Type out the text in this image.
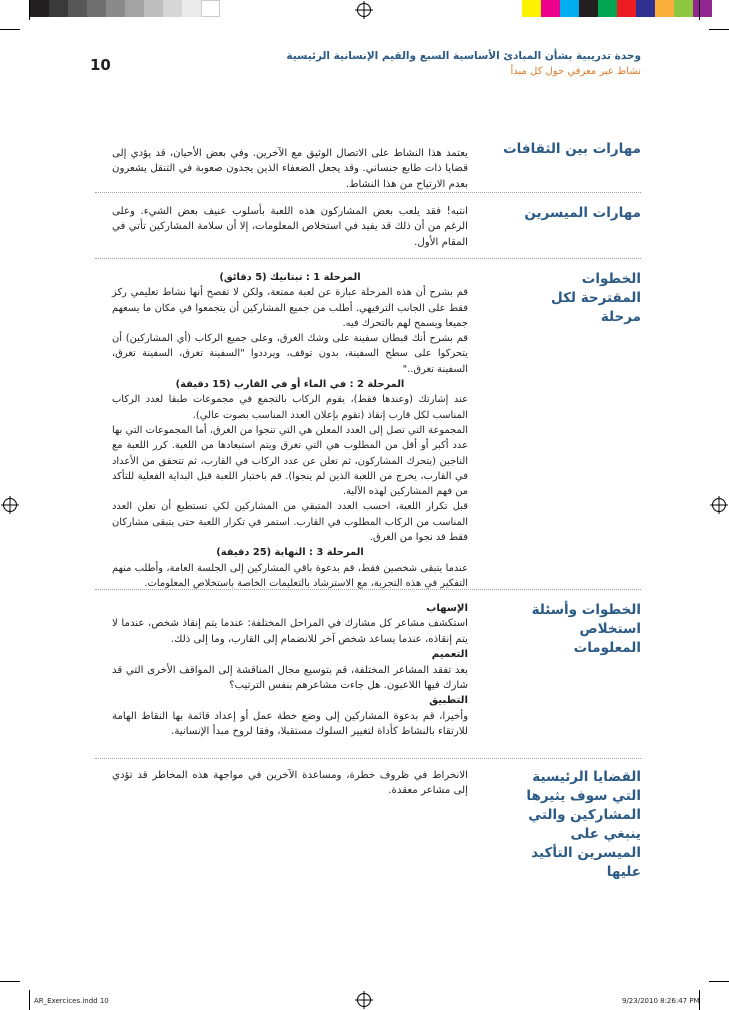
10	وحدة تدريبية بشأن المبادئ الأساسية السبع والقيم الإنسانية الرئيسية
نشاط عبر معرفي حول كل مبدأ
مهارات بين الثقافات

يعتمد هذا النشاط على الاتصال الوثيق مع الآخرين. وفي بعض الأحيان، قد يؤدي إلى قضايا ذات طابع جنساني. وقد يجعل الضعفاء الذين يجدون صعوبة في التنقل يشعرون بعدم الارتياح من هذا النشاط.

مهارات الميسرين

انتبه! فقد يلعب بعض المشاركون هذه اللعبة بأسلوب عنيف بعض الشيء. وعلى الرغم من أن ذلك قد يفيد في استخلاص المعلومات، إلا أن سلامة المشاركين تأتي في المقام الأول.

الخطوات المقترحة لكل مرحلة

المرحلة 1 : تبتانيك (5 دقائق)

قم بشرح أن هذه المرحلة عبارة عن لعبة ممتعة، ولكن لا تفصح أنها نشاط تعليمي ركز فقط على الجانب الترفيهي. أطلب من جميع المشاركين أن يتجمعوا في مكان ما يسعهم جميعا ويسمح لهم بالتحرك فيه.

قم بشرح أنك قبطان سفينة على وشك الغرق، وعلى جميع الركاب (أي المشاركين) أن يتحركوا على سطح السفينة، بدون توقف، ويرددوا "السفينة تغرق، السفينة تغرق، السفينة تغرق.."

المرحلة 2 : في الماء أو في القارب (15 دقيقة)

عند إشارتك (وعندها فقط)، يقوم الركاب بالتجمع في مجموعات طبقا لعدد الركاب المناسب لكل قارب إنقاذ (تقوم بإعلان العدد المناسب بصوت عالي).

المجموعة التي تصل إلى العدد المعلن هي التي تنجوا من الغرق، أما المجموعات التي بها عدد أكبر أو أقل من المطلوب هي التي تغرق ويتم استبعادها من اللعبة. كرر اللعبة مع الناجين (يتحرك المشاركون، ثم تعلن عن عدد الركاب في القارب، ثم تتحقق من الأعداد في القارب، يخرج من اللعبة الذين لم ينجوا). قم باختبار اللعبة قبل البداية الفعلية للتأكد من فهم المشاركين لهذه الآلية.

قبل تكرار اللعبة، احسب العدد المتبقي من المشاركين لكي تستطيع أن تعلن العدد المناسب من الركاب المطلوب في القارب. استمر في تكرار اللعبة حتى يتبقى مشاركان فقط قد نجوا من الغرق.

المرحلة 3 : النهاية (25 دقيقة)

عندما يتبقى شخصين فقط، قم بدعوة باقي المشاركين إلى الجلسة العامة، وأطلب منهم التفكير في هذه التجربة، مع الاسترشاد بالتعليمات الخاصة باستخلاص المعلومات.

الخطوات وأسئلة استخلاص المعلومات

الإسهاب

استكشف مشاعر كل مشارك في المراحل المختلفة: عندما يتم إنقاذ شخص، عندما لا يتم إنقاذه، عندما يساعد شخص آخر للانضمام إلى القارب، وما إلى ذلك.

التعميم

بعد تفقد المشاعر المختلفة، قم بتوسيع مجال المناقشة إلى المواقف الأخرى التي قد شارك فيها اللاعبون. هل جاءت مشاعرهم بنفس الترتيب؟

التطبيق

وأخيرا، قم بدعوة المشاركين إلى وضع خطة عمل أو إعداد قائمة بها النقاط الهامة للارتقاء بالنشاط كأداة لتغيير السلوك مستقبلا، وفقا لروح مبدأ الإنسانية.

القضايا الرئيسية التي سوف يثيرها المشاركين والتي ينبغي على الميسرين التأكيد عليها

الانخراط في ظروف خطرة، ومساعدة الآخرين في مواجهة هذه المخاطر قد تؤدي إلى مشاعر معقدة.

AR_Exercices.indd 10	9/23/2010 8:26:47 PM
